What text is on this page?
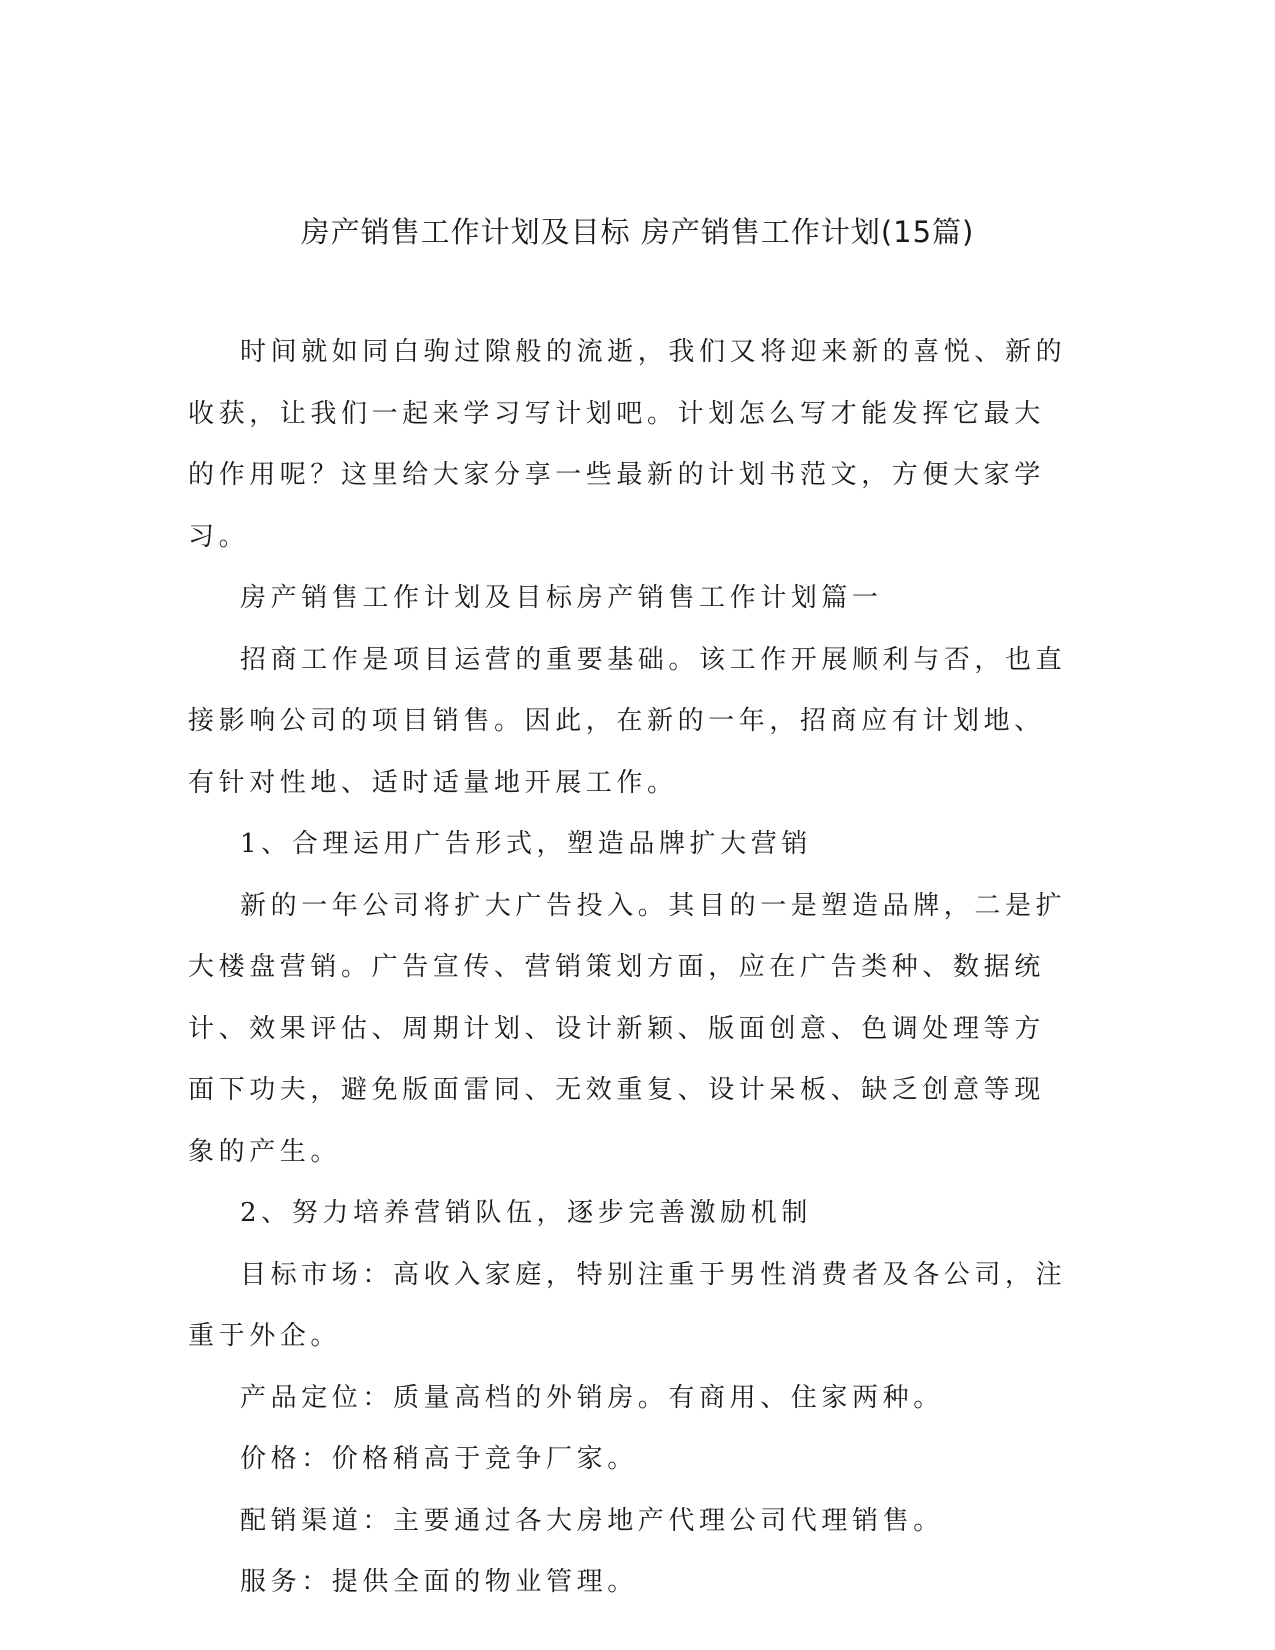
房产销售工作计划及目标 房产销售工作计划(15篇)

时间就如同白驹过隙般的流逝，我们又将迎来新的喜悦、新的收获，让我们一起来学习写计划吧。计划怎么写才能发挥它最大的作用呢？这里给大家分享一些最新的计划书范文，方便大家学习。

房产销售工作计划及目标房产销售工作计划篇一

招商工作是项目运营的重要基础。该工作开展顺利与否，也直接影响公司的项目销售。因此，在新的一年，招商应有计划地、有针对性地、适时适量地开展工作。

1、合理运用广告形式，塑造品牌扩大营销

新的一年公司将扩大广告投入。其目的一是塑造品牌，二是扩大楼盘营销。广告宣传、营销策划方面，应在广告类种、数据统计、效果评估、周期计划、设计新颖、版面创意、色调处理等方面下功夫，避免版面雷同、无效重复、设计呆板、缺乏创意等现象的产生。

2、努力培养营销队伍，逐步完善激励机制

目标市场：高收入家庭，特别注重于男性消费者及各公司，注重于外企。

产品定位：质量高档的外销房。有商用、住家两种。

价格：价格稍高于竞争厂家。

配销渠道：主要通过各大房地产代理公司代理销售。

服务：提供全面的物业管理。
